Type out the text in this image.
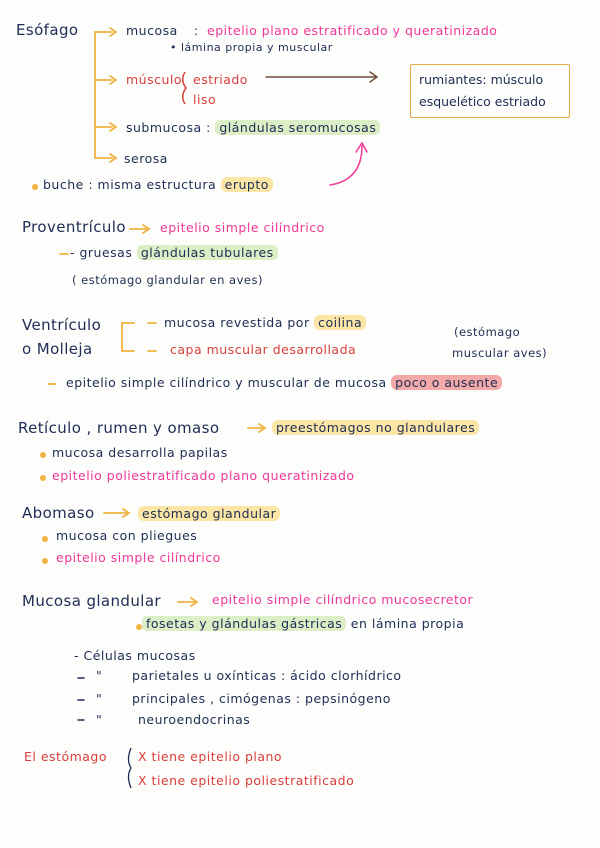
Esófago	mucosa : epitelio plano estratificado y queratinizado
• lámina propia y muscular
músculo estriado
liso
rumiantes: músculo
esquelético estriado
submucosa : glándulas seromucosas
serosa
buche : misma estructura erupto
Proventrículo	epitelio simple cilíndrico
- gruesas glándulas tubulares
( estómago glandular en aves)
Ventrículo
o Molleja
mucosa revestida por coilina
capa muscular desarrollada
(estómago
muscular aves)
epitelio simple cilíndrico y muscular de mucosa poco o ausente
Retículo , rumen y omaso	preestómagos no glandulares
mucosa desarrolla papilas
epitelio poliestratificado plano queratinizado
Abomaso	estómago glandular
mucosa con pliegues
epitelio simple cilíndrico
Mucosa glandular	epitelio simple cilíndrico mucosecretor
fosetas y glándulas gástricas en lámina propia
- Células mucosas
" parietales u oxínticas : ácido clorhídrico
" principales , cimógenas : pepsinógeno
"	neuroendocrinas
El estómago X tiene epitelio plano
X tiene epitelio poliestratificado
